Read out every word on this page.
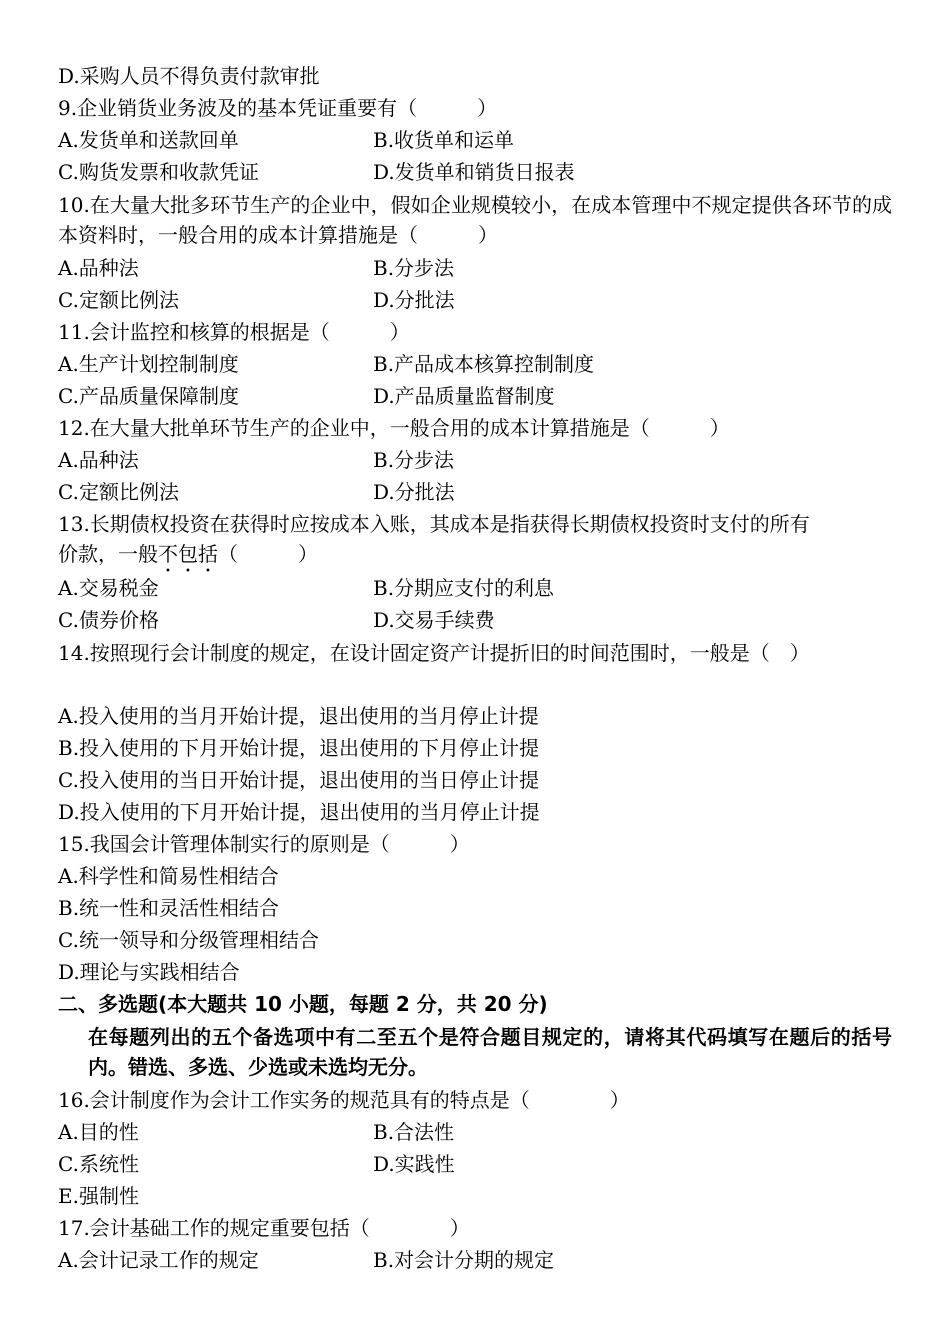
D.采购人员不得负责付款审批
9.企业销货业务波及的基本凭证重要有（　　　）
A.发货单和送款回单	B.收货单和运单
C.购货发票和收款凭证	D.发货单和销货日报表
10.在大量大批多环节生产的企业中，假如企业规模较小，在成本管理中不规定提供各环节的成本资料时，一般合用的成本计算措施是（　　　）
A.品种法	B.分步法
C.定额比例法	D.分批法
11.会计监控和核算的根据是（　　　）
A.生产计划控制制度	B.产品成本核算控制制度
C.产品质量保障制度	D.产品质量监督制度
12.在大量大批单环节生产的企业中，一般合用的成本计算措施是（　　　）
A.品种法	B.分步法
C.定额比例法	D.分批法
13.长期债权投资在获得时应按成本入账，其成本是指获得长期债权投资时支付的所有
价款，一般不包括（　　　）
A.交易税金	B.分期应支付的利息
C.债券价格	D.交易手续费
14.按照现行会计制度的规定，在设计固定资产计提折旧的时间范围时，一般是（　）
A.投入使用的当月开始计提，退出使用的当月停止计提
B.投入使用的下月开始计提，退出使用的下月停止计提
C.投入使用的当日开始计提，退出使用的当日停止计提
D.投入使用的下月开始计提，退出使用的当月停止计提
15.我国会计管理体制实行的原则是（　　　）
A.科学性和简易性相结合
B.统一性和灵活性相结合
C.统一领导和分级管理相结合
D.理论与实践相结合
二、多选题(本大题共 10 小题，每题 2 分，共 20 分)
在每题列出的五个备选项中有二至五个是符合题目规定的，请将其代码填写在题后的括号内。错选、多选、少选或未选均无分。
16.会计制度作为会计工作实务的规范具有的特点是（　　　　）
A.目的性	B.合法性
C.系统性	D.实践性
E.强制性
17.会计基础工作的规定重要包括（　　　　）
A.会计记录工作的规定	B.对会计分期的规定
